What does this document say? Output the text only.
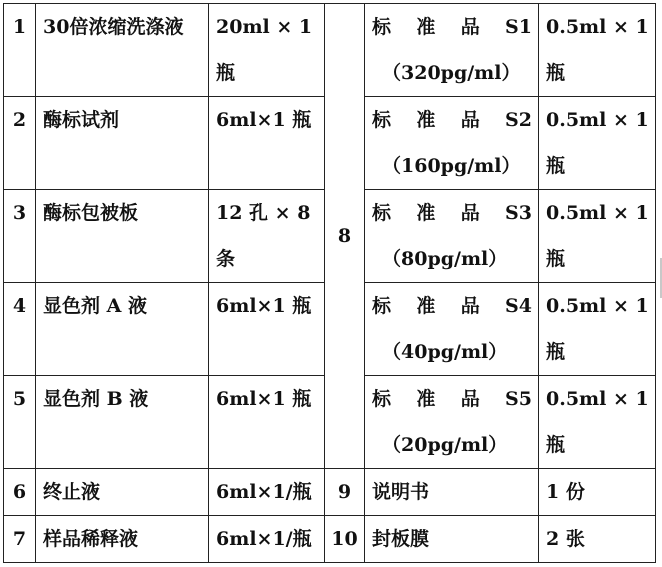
1	30倍浓缩洗涤液	20ml × 1
瓶	8	标 准 品 S1
（320pg/ml）	0.5ml × 1
瓶

2	酶标试剂	6ml×1 瓶		标 准 品 S2
（160pg/ml）	0.5ml × 1
瓶

3	酶标包被板	12 孔 × 8
条		标 准 品 S3
（80pg/ml）	0.5ml × 1
瓶

4	显色剂 A 液	6ml×1 瓶		标 准 品 S4
（40pg/ml）	0.5ml × 1
瓶

5	显色剂 B 液	6ml×1 瓶		标 准 品 S5
（20pg/ml）	0.5ml × 1
瓶

6	终止液	6ml×1/瓶	9	说明书	1 份

7	样品稀释液	6ml×1/瓶	10	封板膜	2 张
